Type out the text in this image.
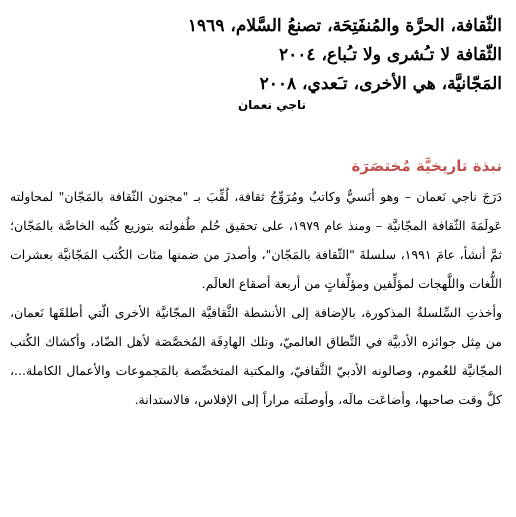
الثّقافة، الحرَّة والمُنفَتِحَة، تصنعُ السَّلام، ١٩٦٩
الثّقافة لا تـُشرى ولا تـُباع، ٢٠٠٤
المَجّانيَّة، هي الأخرى، تـَعدي، ٢٠٠٨
ناجي نعمان
نبذة تاريخيَّة مُختصَرَة

دَرَجَ ناجي نَعمان – وهو أنَسيٌّ وكاتبٌ ومُرَوِّجُ ثقافة، لُقِّبَ بـ "مجنون الثّقافة بالمَجّان" لمحاولته عَولَمَةَ الثّقافة المجّانيَّة – ومنذ عام ١٩٧٩، على تحقيق حُلم طُفولته بتوزيع كُتُبه الخاصَّة بالمَجّان؛ ثمَّ أنشأ، عامَ ١٩٩١، سلسلةَ "الثّقافة بالمَجّان"، وأصدرَ من ضمنها مئات الكُتب المَجّانيَّة بعشرات اللُّغات واللَّهجات لمؤلِّفين ومؤلِّفاتٍ من أربعة أصقاع العالَم.

وأخذتِ السِّلسلةُ المذكورة، بالإضافة إلى الأنشطة الثَّقافيَّة المجّانيَّة الأخرى الّتي أطلقَها نَعمان، من مِثل جوائزه الأدبيَّة في النِّطاق العالميّ، وتلك الهادِفَة المُخصَّصَة لأهل الضّاد، وأكشاك الكُتب المجّانيَّة للعُموم، وصالونه الأدبيّ الثَّقافيّ، والمكتبة المتخصِّصة بالمَجموعات والأعمال الكاملة...، كلَّ وقت صاحبها، وأضاعَت مالَه، وأوصلَته مراراً إلى الإفلاس، فالاستدانة.
